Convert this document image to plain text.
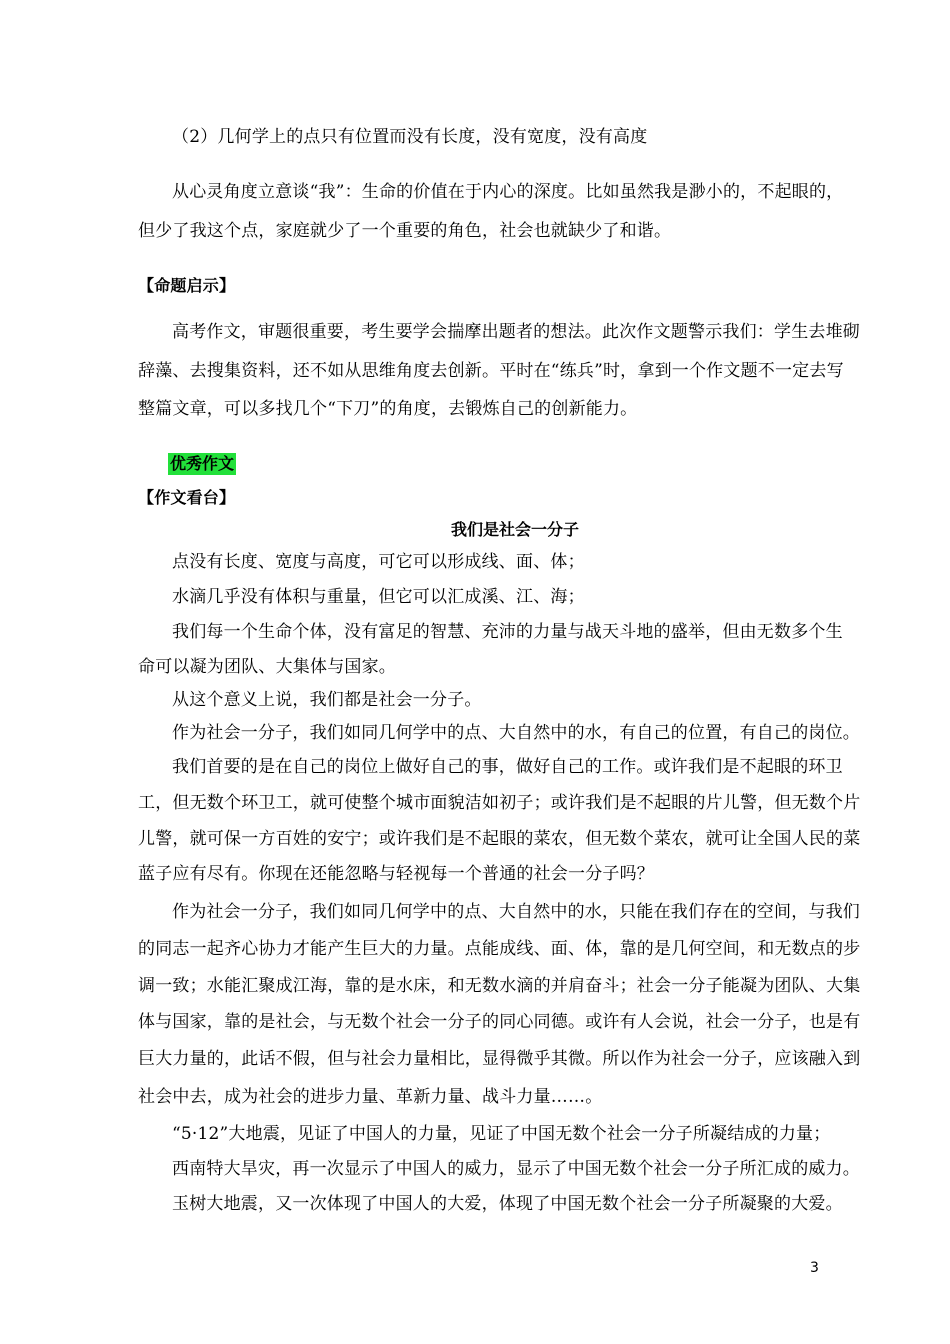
（2）几何学上的点只有位置而没有长度，没有宽度，没有高度
从心灵角度立意谈“我”：生命的价值在于内心的深度。比如虽然我是渺小的，不起眼的，
但少了我这个点，家庭就少了一个重要的角色，社会也就缺少了和谐。
【命题启示】
高考作文，审题很重要，考生要学会揣摩出题者的想法。此次作文题警示我们：学生去堆砌
辞藻、去搜集资料，还不如从思维角度去创新。平时在“练兵”时，拿到一个作文题不一定去写
整篇文章，可以多找几个“下刀”的角度，去锻炼自己的创新能力。
优秀作文
【作文看台】
我们是社会一分子
点没有长度、宽度与高度，可它可以形成线、面、体；
水滴几乎没有体积与重量，但它可以汇成溪、江、海；
我们每一个生命个体，没有富足的智慧、充沛的力量与战天斗地的盛举，但由无数多个生
命可以凝为团队、大集体与国家。
从这个意义上说，我们都是社会一分子。
作为社会一分子，我们如同几何学中的点、大自然中的水，有自己的位置，有自己的岗位。
我们首要的是在自己的岗位上做好自己的事，做好自己的工作。或许我们是不起眼的环卫
工，但无数个环卫工，就可使整个城市面貌洁如初子；或许我们是不起眼的片儿警，但无数个片
儿警，就可保一方百姓的安宁；或许我们是不起眼的菜农，但无数个菜农，就可让全国人民的菜
蓝子应有尽有。你现在还能忽略与轻视每一个普通的社会一分子吗？
作为社会一分子，我们如同几何学中的点、大自然中的水，只能在我们存在的空间，与我们
的同志一起齐心协力才能产生巨大的力量。点能成线、面、体，靠的是几何空间，和无数点的步
调一致；水能汇聚成江海，靠的是水床，和无数水滴的并肩奋斗；社会一分子能凝为团队、大集
体与国家，靠的是社会，与无数个社会一分子的同心同德。或许有人会说，社会一分子，也是有
巨大力量的，此话不假，但与社会力量相比，显得微乎其微。所以作为社会一分子，应该融入到
社会中去，成为社会的进步力量、革新力量、战斗力量……。
“5·12”大地震，见证了中国人的力量，见证了中国无数个社会一分子所凝结成的力量；
西南特大旱灾，再一次显示了中国人的威力，显示了中国无数个社会一分子所汇成的威力。
玉树大地震，又一次体现了中国人的大爱，体现了中国无数个社会一分子所凝聚的大爱。
3
